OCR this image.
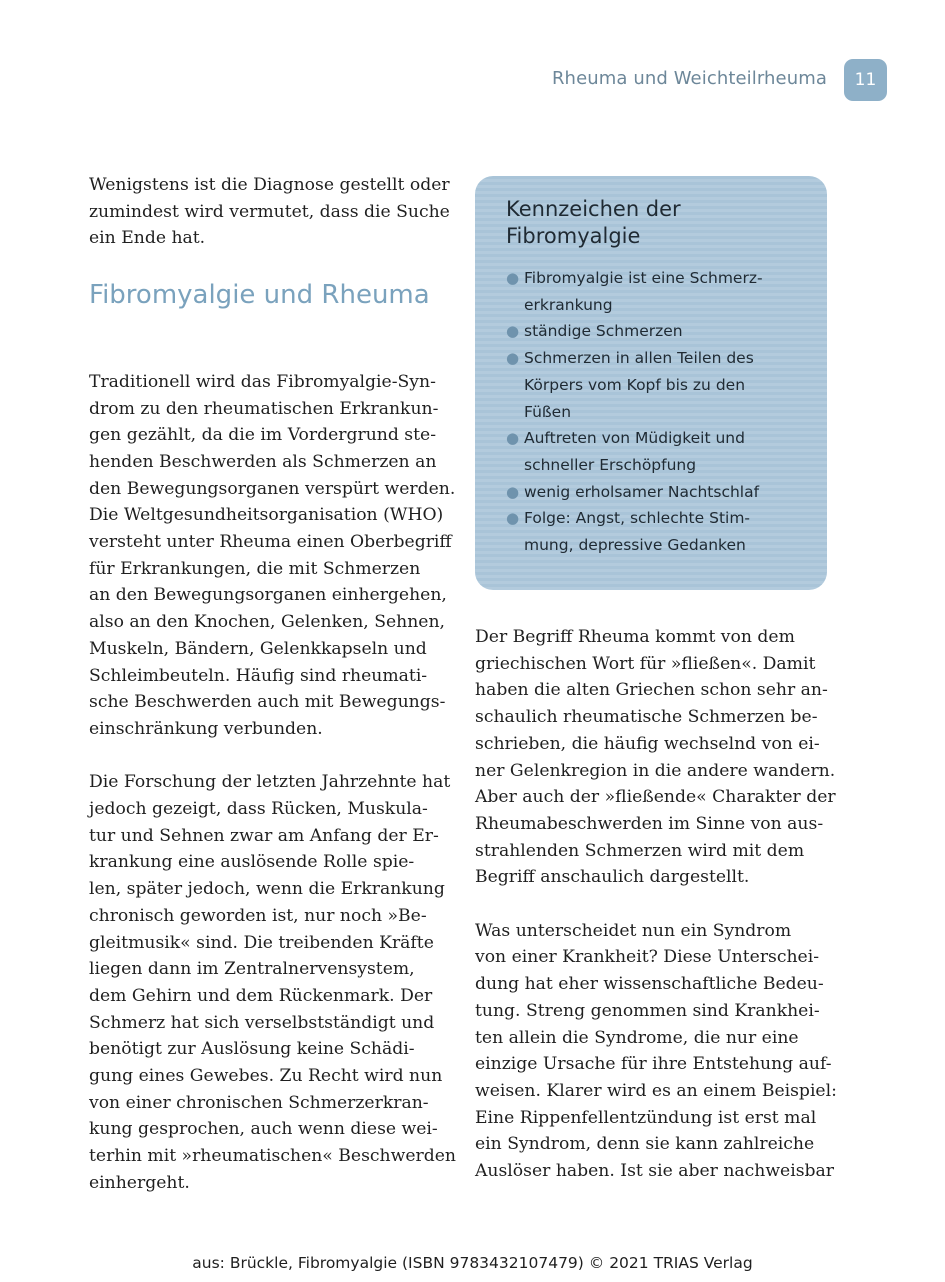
Rheuma und Weichteilrheuma	11

Wenigstens ist die Diagnose gestellt oder

zumindest wird vermutet, dass die Suche

ein Ende hat.

Fibromyalgie und Rheuma

Traditionell wird das Fibromyalgie-Syn-

drom zu den rheumatischen Erkrankun-

gen gezählt, da die im Vordergrund ste-

henden Beschwerden als Schmerzen an

den Bewegungsorganen verspürt werden.

Die Weltgesundheitsorganisation (WHO)

versteht unter Rheuma einen Oberbegriff

für Erkrankungen, die mit Schmerzen

an den Bewegungsorganen einhergehen,

also an den Knochen, Gelenken, Sehnen,

Muskeln, Bändern, Gelenkkapseln und

Schleimbeuteln. Häufig sind rheumati-

sche Beschwerden auch mit Bewegungs-

einschränkung verbunden.

Die Forschung der letzten Jahrzehnte hat

jedoch gezeigt, dass Rücken, Muskula-

tur und Sehnen zwar am Anfang der Er-

krankung eine auslösende Rolle spie-

len, später jedoch, wenn die Erkrankung

chronisch geworden ist, nur noch »Be-

gleitmusik« sind. Die treibenden Kräfte

liegen dann im Zentralnervensystem,

dem Gehirn und dem Rückenmark. Der

Schmerz hat sich verselbstständigt und

benötigt zur Auslösung keine Schädi-

gung eines Gewebes. Zu Recht wird nun

von einer chronischen Schmerzerkran-

kung gesprochen, auch wenn diese wei-

terhin mit »rheumatischen« Beschwerden

einhergeht.

Kennzeichen der
Fibromyalgie
● Fibromyalgie ist eine Schmerz-
erkrankung
● ständige Schmerzen
● Schmerzen in allen Teilen des
Körpers vom Kopf bis zu den
Füßen
● Auftreten von Müdigkeit und
schneller Erschöpfung
● wenig erholsamer Nachtschlaf
● Folge: Angst, schlechte Stim-
mung, depressive Gedanken

Der Begriff Rheuma kommt von dem

griechischen Wort für »fließen«. Damit

haben die alten Griechen schon sehr an-

schaulich rheumatische Schmerzen be-

schrieben, die häufig wechselnd von ei-

ner Gelenkregion in die andere wandern.

Aber auch der »fließende« Charakter der

Rheumabeschwerden im Sinne von aus-

strahlenden Schmerzen wird mit dem

Begriff anschaulich dargestellt.

Was unterscheidet nun ein Syndrom

von einer Krankheit? Diese Unterschei-

dung hat eher wissenschaftliche Bedeu-

tung. Streng genommen sind Krankhei-

ten allein die Syndrome, die nur eine

einzige Ursache für ihre Entstehung auf-

weisen. Klarer wird es an einem Beispiel:

Eine Rippenfellentzündung ist erst mal

ein Syndrom, denn sie kann zahlreiche

Auslöser haben. Ist sie aber nachweisbar

aus: Brückle, Fibromyalgie (ISBN 9783432107479) © 2021 TRIAS Verlag
